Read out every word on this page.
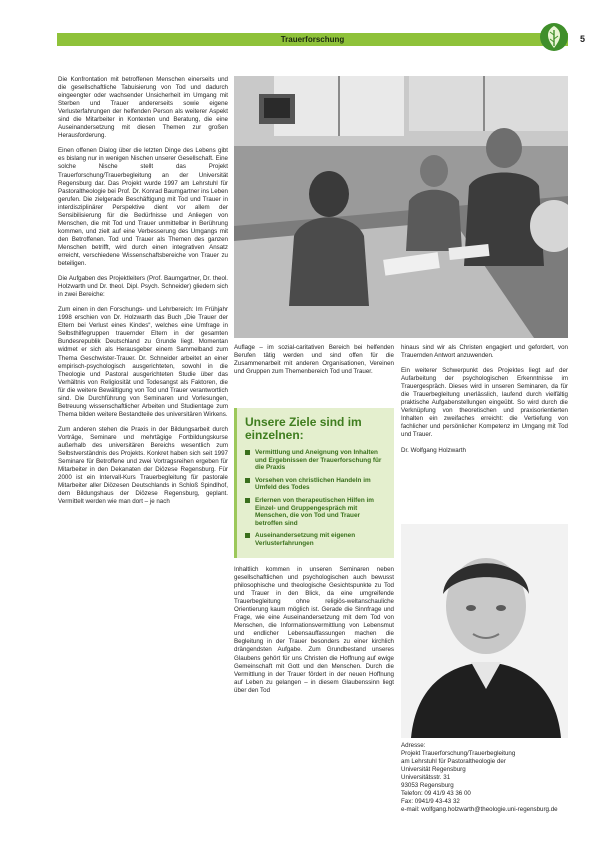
Trauerforschung	5

Die Konfrontation mit betroffenen Menschen einerseits und die gesellschaftliche Tabuisierung von Tod und dadurch eingeengter oder wachsender Unsicherheit im Umgang mit Sterben und Trauer andererseits sowie eigene Verlusterfahrungen der helfenden Person als weiterer Aspekt sind die Mitarbeiter in Kontexten und Beratung, die eine Auseinandersetzung mit diesen Themen zur großen Herausforderung.

Einen offenen Dialog über die letzten Dinge des Lebens gibt es bislang nur in wenigen Nischen unserer Gesellschaft. Eine solche Nische stellt das Projekt Trauerforschung/Trauerbegleitung an der Universität Regensburg dar. Das Projekt wurde 1997 am Lehrstuhl für Pastoraltheologie bei Prof. Dr. Konrad Baumgartner ins Leben gerufen. Die zielgerade Beschäftigung mit Tod und Trauer in interdisziplinärer Perspektive dient vor allem der Sensibilisierung für die Bedürfnisse und Anliegen von Menschen, die mit Tod und Trauer unmittelbar in Berührung kommen, und zielt auf eine Verbesserung des Umgangs mit den Betroffenen. Tod und Trauer als Themen des ganzen Menschen betrifft, wird durch einen integrativen Ansatz erreicht, verschiedene Wissenschaftsbereiche von Trauer zu beteiligen.

Die Aufgaben des Projektleiters (Prof. Baumgartner, Dr. theol. Holzwarth und Dr. theol. Dipl. Psych. Schneider) gliedern sich in zwei Bereiche:

Zum einen in den Forschungs- und Lehrbereich: Im Frühjahr 1998 erschien von Dr. Holzwarth das Buch „Die Trauer der Eltern bei Verlust eines Kindes“, welches eine Umfrage in Selbsthilfegruppen trauernder Eltern in der gesamten Bundesrepublik Deutschland zu Grunde liegt. Momentan widmet er sich als Herausgeber einem Sammelband zum Thema Geschwister-Trauer. Dr. Schneider arbeitet an einer empirisch-psychologisch ausgerichteten, sowohl in die Theologie und Pastoral ausgerichteten Studie über das Verhältnis von Religiosität und Todesangst als Faktoren, die für die weitere Bewältigung von Tod und Trauer verantwortlich sind. Die Durchführung von Seminaren und Vorlesungen, Betreuung wissenschaftlicher Arbeiten und Studientage zum Thema bilden weitere Bestandteile des universitären Wirkens.

Zum anderen stehen die Praxis in der Bildungsarbeit durch Vorträge, Seminare und mehrtägige Fortbildungskurse außerhalb des universitären Bereichs wesentlich zum Selbstverständnis des Projekts. Konkret haben sich seit 1997 Seminare für Betroffene und zwei Vortragsreihen ergeben für Mitarbeiter in den Dekanaten der Diözese Regensburg. Für 2000 ist ein Intervall-Kurs Trauerbegleitung für pastorale Mitarbeiter aller Diözesen Deutschlands in Schloß Spindlhof, dem Bildungshaus der Diözese Regensburg, geplant. Vermittelt werden wie man dort – je nach

Auflage – im sozial-caritativen Bereich bei helfenden Berufen tätig werden und sind offen für die Zusammenarbeit mit anderen Organisationen, Vereinen und Gruppen zum Themenbereich Tod und Trauer.

Unsere Ziele sind im einzelnen:
Vermittlung und Aneignung von Inhalten und Ergebnissen der Trauerforschung für die Praxis
Vorsehen von christlichen Handeln im Umfeld des Todes
Erlernen von therapeutischen Hilfen im Einzel- und Gruppengespräch mit Menschen, die von Tod und Trauer betroffen sind
Auseinandersetzung mit eigenen Verlusterfahrungen

Inhaltlich kommen in unseren Seminaren neben gesellschaftlichen und psychologischen auch bewusst philosophische und theologische Gesichtspunkte zu Tod und Trauer in den Blick, da eine umgreifende Trauerbegleitung ohne religiös-weltanschauliche Orientierung kaum möglich ist. Gerade die Sinnfrage und Frage, wie eine Auseinandersetzung mit dem Tod von Menschen, die Informationsvermittlung von Lebensmut und endlicher Lebensauffassungen machen die Begleitung in der Trauer besonders zu einer kirchlich drängendsten Aufgabe. Zum Grundbestand unseres Glaubens gehört für uns Christen die Hoffnung auf ewige Gemeinschaft mit Gott und den Menschen. Durch die Vermittlung in der Trauer fördert in der neuen Hoffnung auf Leben zu gelangen – in diesem Glaubenssinn liegt über den Tod

hinaus sind wir als Christen engagiert und gefordert, von Trauernden Antwort anzuwenden.

Ein weiterer Schwerpunkt des Projektes liegt auf der Aufarbeitung der psychologischen Erkenntnisse im Trauergespräch. Dieses wird in unseren Seminaren, da für die Trauerbegleitung unerlässlich, laufend durch vielfältig praktische Aufgabenstellungen eingeübt. So wird durch die Verknüpfung von theoretischen und praxisorientierten Inhalten ein zweifaches erreicht: die Vertiefung von fachlicher und persönlicher Kompetenz im Umgang mit Tod und Trauer.

Dr. Wolfgang Holzwarth

Adresse:
Projekt Trauerforschung/Trauerbegleitung
am Lehrstuhl für Pastoraltheologie der
Universität Regensburg
Universitätsstr. 31
93053 Regensburg
Telefon: 09 41/9 43 36 00
Fax: 0941/9 43-43 32
e-mail: wolfgang.holzwarth@theologie.uni-regensburg.de
